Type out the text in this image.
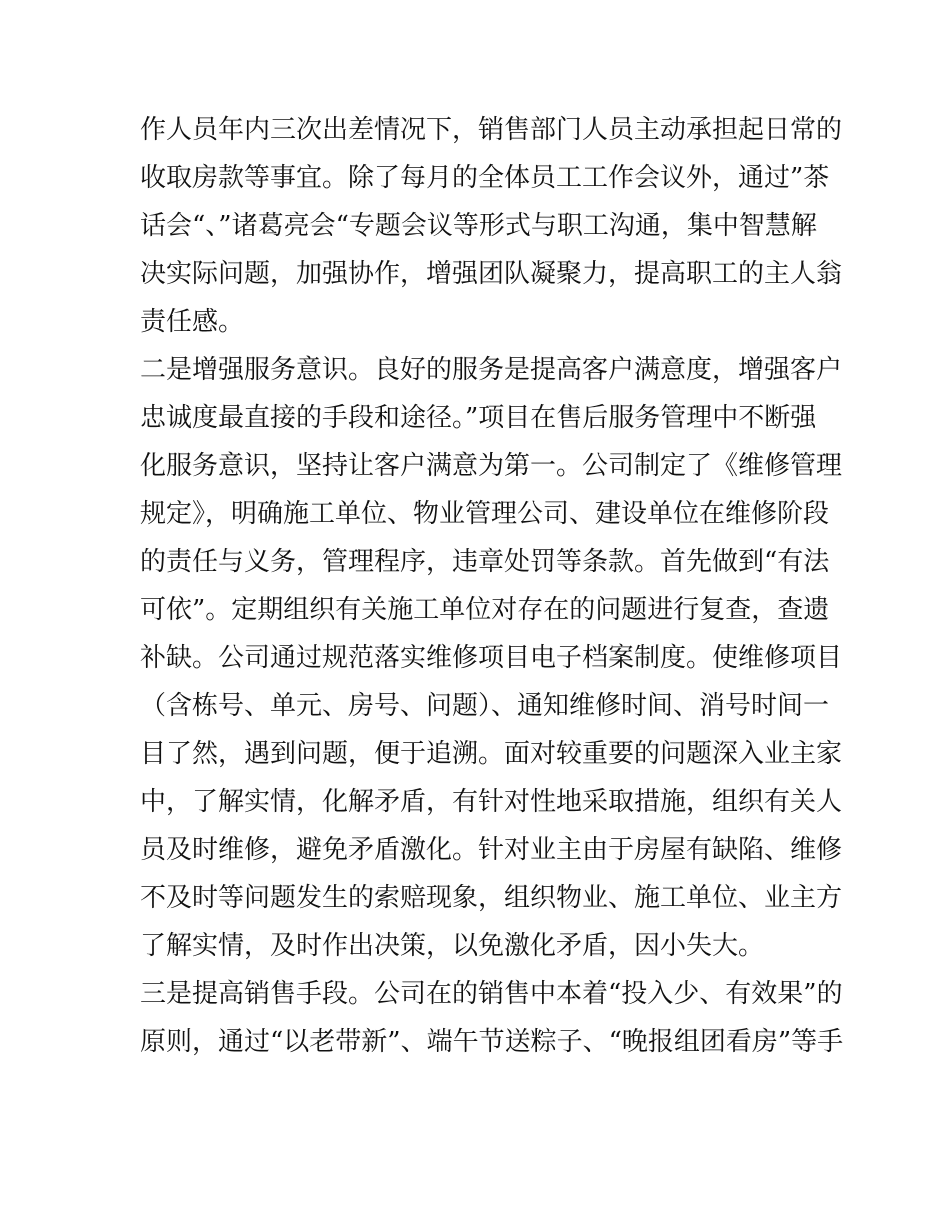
作人员年内三次出差情况下，销售部门人员主动承担起日常的
收取房款等事宜。除了每月的全体员工工作会议外，通过”茶
话会“、”诸葛亮会“专题会议等形式与职工沟通，集中智慧解
决实际问题，加强协作，增强团队凝聚力，提高职工的主人翁
责任感。
二是增强服务意识。良好的服务是提高客户满意度，增强客户
忠诚度最直接的手段和途径。”项目在售后服务管理中不断强
化服务意识，坚持让客户满意为第一。公司制定了《维修管理
规定》，明确施工单位、物业管理公司、建设单位在维修阶段
的责任与义务，管理程序，违章处罚等条款。首先做到“有法
可依”。定期组织有关施工单位对存在的问题进行复查，查遗
补缺。公司通过规范落实维修项目电子档案制度。使维修项目
（含栋号、单元、房号、问题）、通知维修时间、消号时间一
目了然，遇到问题，便于追溯。面对较重要的问题深入业主家
中，了解实情，化解矛盾，有针对性地采取措施，组织有关人
员及时维修，避免矛盾激化。针对业主由于房屋有缺陷、维修
不及时等问题发生的索赔现象，组织物业、施工单位、业主方
了解实情，及时作出决策，以免激化矛盾，因小失大。
三是提高销售手段。公司在的销售中本着“投入少、有效果”的
原则，通过“以老带新”、端午节送粽子、“晚报组团看房”等手
